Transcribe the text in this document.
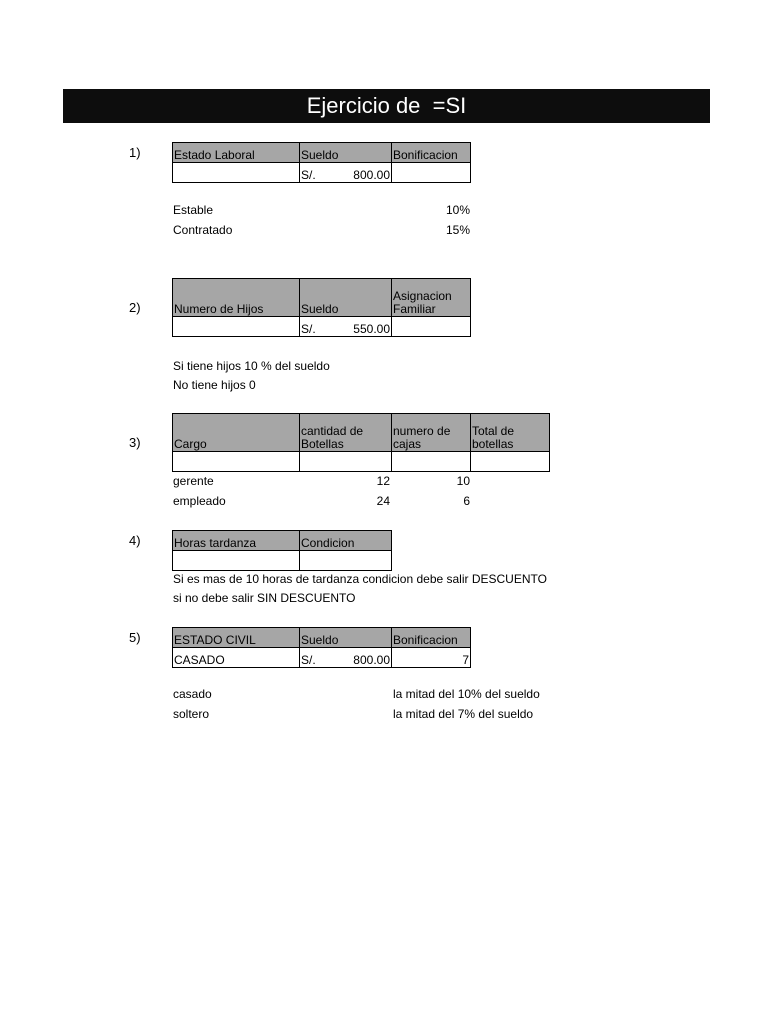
Ejercicio de  =SI
1)	Estado Laboral	Sueldo	Bonificacion

	S/. 800.00	

Estable	10%
Contratado	15%
2)	Numero de Hijos	Sueldo	Asignacion Familiar

	S/. 550.00	

Si tiene hijos 10 % del sueldo
No tiene hijos 0
3)	Cargo	cantidad de Botellas	numero de cajas	Total de botellas

gerente	12	10
empleado	24	6
4)	Horas tardanza	Condicion

Si es mas de 10 horas de tardanza condicion debe salir DESCUENTO
si no debe salir SIN DESCUENTO
5)	ESTADO CIVIL	Sueldo	Bonificacion
CASADO	S/. 800.00	7
casado	la mitad del 10% del sueldo
soltero	la mitad del 7% del sueldo
